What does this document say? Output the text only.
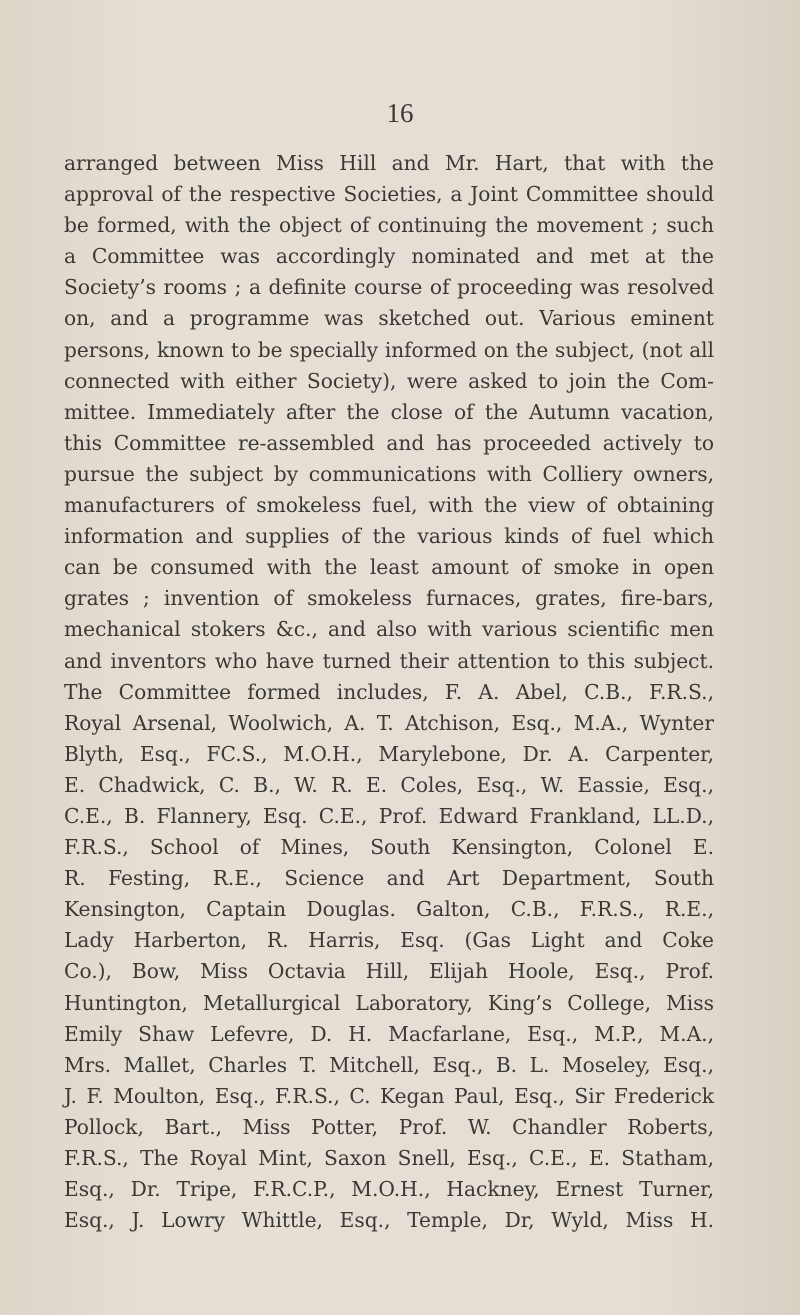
16

arranged between Miss Hill and Mr. Hart, that with the
approval of the respective Societies, a Joint Committee should
be formed, with the object of continuing the movement ; such
a Committee was accordingly nominated and met at the
Society’s rooms ; a definite course of proceeding was resolved
on, and a programme was sketched out. Various eminent
persons, known to be specially informed on the subject, (not all
connected with either Society), were asked to join the Com-
mittee. Immediately after the close of the Autumn vacation,
this Committee re-assembled and has proceeded actively to
pursue the subject by communications with Colliery owners,
manufacturers of smokeless fuel, with the view of obtaining
information and supplies of the various kinds of fuel which
can be consumed with the least amount of smoke in open
grates ; invention of smokeless furnaces, grates, fire-bars,
mechanical stokers &c., and also with various scientific men
and inventors who have turned their attention to this subject.
The Committee formed includes, F. A. Abel, C.B., F.R.S.,
Royal Arsenal, Woolwich, A. T. Atchison, Esq., M.A., Wynter
Blyth, Esq., FC.S., M.O.H., Marylebone, Dr. A. Carpenter,
E. Chadwick, C. B., W. R. E. Coles, Esq., W. Eassie, Esq.,
C.E., B. Flannery, Esq. C.E., Prof. Edward Frankland, LL.D.,
F.R.S., School of Mines, South Kensington, Colonel E.
R. Festing, R.E., Science and Art Department, South
Kensington, Captain Douglas. Galton, C.B., F.R.S., R.E.,
Lady Harberton, R. Harris, Esq. (Gas Light and Coke
Co.), Bow, Miss Octavia Hill, Elijah Hoole, Esq., Prof.
Huntington, Metallurgical Laboratory, King’s College, Miss
Emily Shaw Lefevre, D. H. Macfarlane, Esq., M.P., M.A.,
Mrs. Mallet, Charles T. Mitchell, Esq., B. L. Moseley, Esq.,
J. F. Moulton, Esq., F.R.S., C. Kegan Paul, Esq., Sir Frederick
Pollock, Bart., Miss Potter, Prof. W. Chandler Roberts,
F.R.S., The Royal Mint, Saxon Snell, Esq., C.E., E. Statham,
Esq., Dr. Tripe, F.R.C.P., M.O.H., Hackney, Ernest Turner,
Esq., J. Lowry Whittle, Esq., Temple, Dr, Wyld, Miss H.
